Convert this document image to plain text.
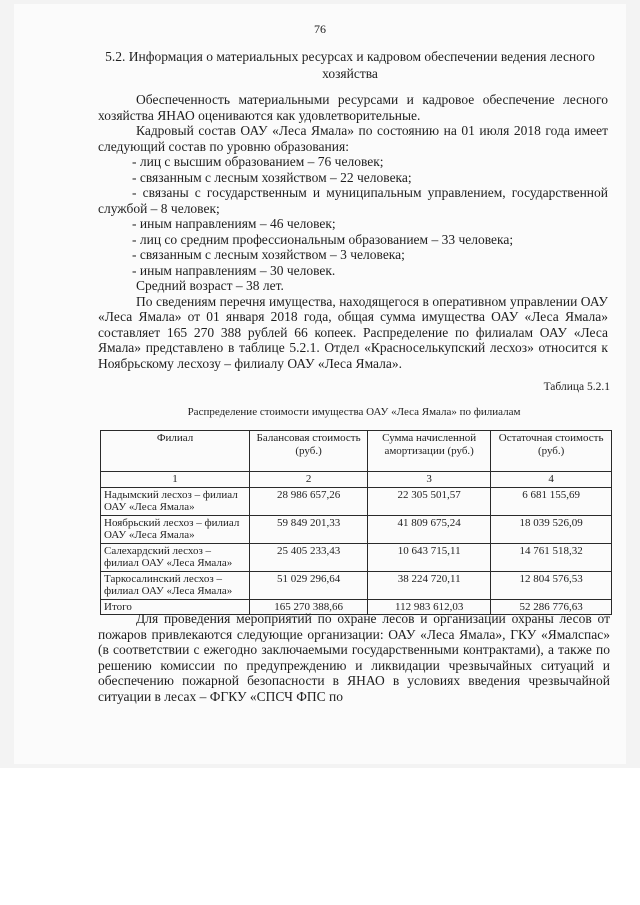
76
5.2. Информация о материальных ресурсах и кадровом обеспечении ведения лесного хозяйства

Обеспеченность материальными ресурсами и кадровое обеспечение лесного хозяйства ЯНАО оцениваются как удовлетворительные.

Кадровый состав ОАУ «Леса Ямала» по состоянию на 01 июля 2018 года имеет следующий состав по уровню образования:

- лиц с высшим образованием – 76 человек;

- связанным с лесным хозяйством – 22 человека;

- связаны с государственным и муниципальным управлением, государственной службой – 8 человек;

- иным направлениям – 46 человек;

- лиц со средним профессиональным образованием – 33 человека;

- связанным с лесным хозяйством – 3 человека;

- иным направлениям – 30 человек.

Средний возраст – 38 лет.

По сведениям перечня имущества, находящегося в оперативном управлении ОАУ «Леса Ямала» от 01 января 2018 года, общая сумма имущества ОАУ «Леса Ямала» составляет 165 270 388 рублей 66 копеек. Распределение по филиалам ОАУ «Леса Ямала» представлено в таблице 5.2.1. Отдел «Красноселькупский лесхоз» относится к Ноябрьскому лесхозу – филиалу ОАУ «Леса Ямала».

Таблица 5.2.1
Распределение стоимости имущества ОАУ «Леса Ямала» по филиалам
Филиал	Балансовая стоимость (руб.)	Сумма начисленной амортизации (руб.)	Остаточная стоимость (руб.)
1	2	3	4
Надымский лесхоз – филиал ОАУ «Леса Ямала»	28 986 657,26	22 305 501,57	6 681 155,69
Ноябрьский лесхоз – филиал ОАУ «Леса Ямала»	59 849 201,33	41 809 675,24	18 039 526,09
Салехардский лесхоз – филиал ОАУ «Леса Ямала»	25 405 233,43	10 643 715,11	14 761 518,32
Таркосалинский лесхоз – филиал ОАУ «Леса Ямала»	51 029 296,64	38 224 720,11	12 804 576,53
Итого	165 270 388,66	112 983 612,03	52 286 776,63

Для проведения мероприятий по охране лесов и организации охраны лесов от пожаров привлекаются следующие организации: ОАУ «Леса Ямала», ГКУ «Ямалспас» (в соответствии с ежегодно заключаемыми государственными контрактами), а также по решению комиссии по предупреждению и ликвидации чрезвычайных ситуаций и обеспечению пожарной безопасности в ЯНАО в условиях введения чрезвычайной ситуации в лесах – ФГКУ «СПСЧ ФПС по
